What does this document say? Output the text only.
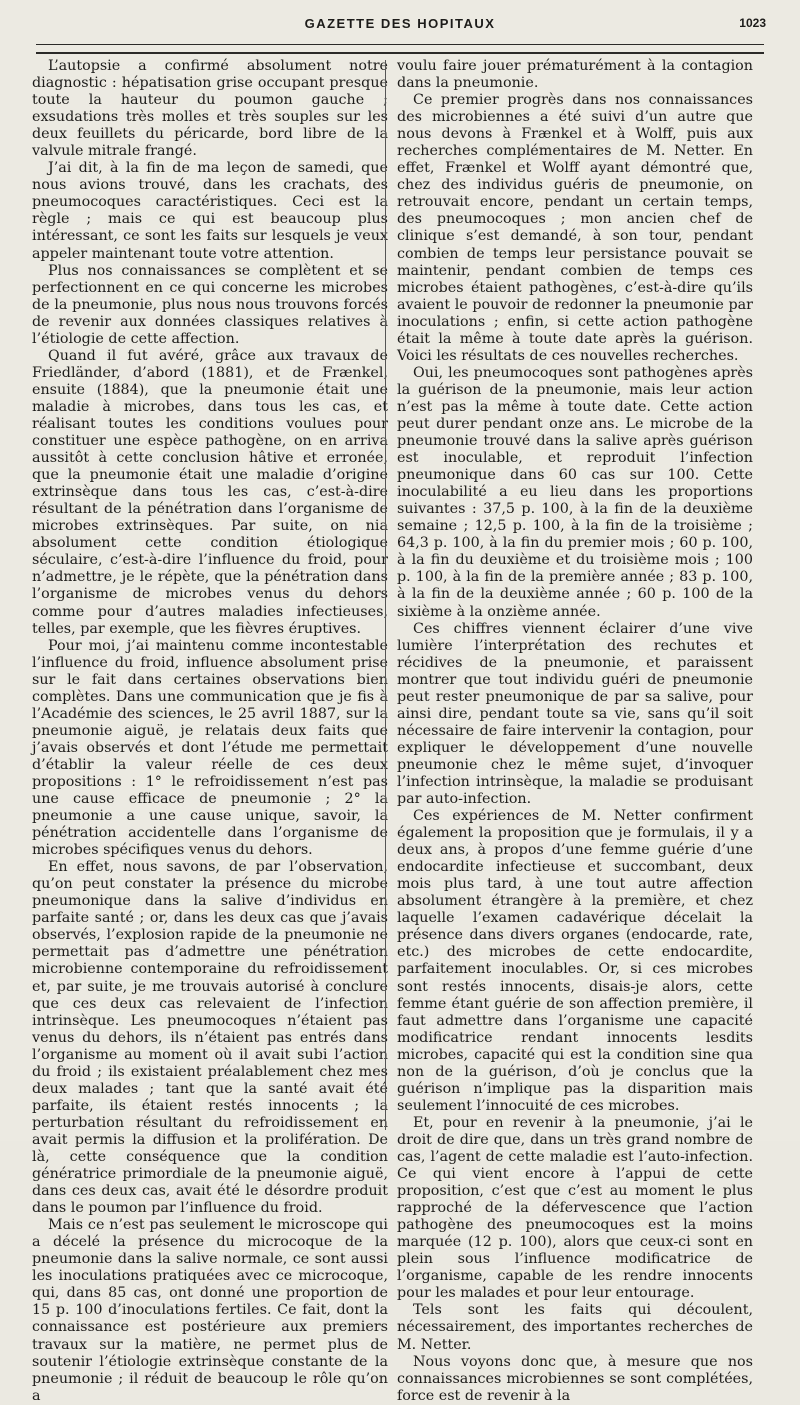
GAZETTE DES HOPITAUX	1023

L’autopsie a confirmé absolument notre diagnostic : hépatisation grise occupant presque toute la hauteur du poumon gauche ; exsudations très molles et très souples sur les deux feuillets du péricarde, bord libre de la valvule mitrale frangé.

J’ai dit, à la fin de ma leçon de samedi, que nous avions trouvé, dans les crachats, des pneumocoques caractéristiques. Ceci est la règle ; mais ce qui est beaucoup plus intéressant, ce sont les faits sur lesquels je veux appeler maintenant toute votre attention.

Plus nos connaissances se complètent et se perfectionnent en ce qui concerne les microbes de la pneumonie, plus nous nous trouvons forcés de revenir aux données classiques relatives à l’étiologie de cette affection.

Quand il fut avéré, grâce aux travaux de Friedländer, d’abord (1881), et de Frænkel, ensuite (1884), que la pneumonie était une maladie à microbes, dans tous les cas, et réalisant toutes les conditions voulues pour constituer une espèce pathogène, on en arriva aussitôt à cette conclusion hâtive et erronée, que la pneumonie était une maladie d’origine extrinsèque dans tous les cas, c’est-à-dire résultant de la pénétration dans l’organisme de microbes extrinsèques. Par suite, on nia absolument cette condition étiologique séculaire, c’est-à-dire l’influence du froid, pour n’admettre, je le répète, que la pénétration dans l’organisme de microbes venus du dehors comme pour d’autres maladies infectieuses, telles, par exemple, que les fièvres éruptives.

Pour moi, j’ai maintenu comme incontestable l’influence du froid, influence absolument prise sur le fait dans certaines observations bien complètes. Dans une communication que je fis à l’Académie des sciences, le 25 avril 1887, sur la pneumonie aiguë, je relatais deux faits que j’avais observés et dont l’étude me permettait d’établir la valeur réelle de ces deux propositions : 1° le refroidissement n’est pas une cause efficace de pneumonie ; 2° la pneumonie a une cause unique, savoir, la pénétration accidentelle dans l’organisme de microbes spécifiques venus du dehors.

En effet, nous savons, de par l’observation, qu’on peut constater la présence du microbe pneumonique dans la salive d’individus en parfaite santé ; or, dans les deux cas que j’avais observés, l’explosion rapide de la pneumonie ne permettait pas d’admettre une pénétration microbienne contemporaine du refroidissement et, par suite, je me trouvais autorisé à conclure que ces deux cas relevaient de l’infection intrinsèque. Les pneumocoques n’étaient pas venus du dehors, ils n’étaient pas entrés dans l’organisme au moment où il avait subi l’action du froid ; ils existaient préalablement chez mes deux malades ; tant que la santé avait été parfaite, ils étaient restés innocents ; la perturbation résultant du refroidissement en avait permis la diffusion et la prolifération. De là, cette conséquence que la condition génératrice primordiale de la pneumonie aiguë, dans ces deux cas, avait été le désordre produit dans le poumon par l’influence du froid.

Mais ce n’est pas seulement le microscope qui a décelé la présence du microcoque de la pneumonie dans la salive normale, ce sont aussi les inoculations pratiquées avec ce microcoque, qui, dans 85 cas, ont donné une proportion de 15 p. 100 d’inoculations fertiles. Ce fait, dont la connaissance est postérieure aux premiers travaux sur la matière, ne permet plus de soutenir l’étiologie extrinsèque constante de la pneumonie ; il réduit de beaucoup le rôle qu’on a

voulu faire jouer prématurément à la contagion dans la pneumonie.

Ce premier progrès dans nos connaissances des microbiennes a été suivi d’un autre que nous devons à Frænkel et à Wolff, puis aux recherches complémentaires de M. Netter. En effet, Frænkel et Wolff ayant démontré que, chez des individus guéris de pneumonie, on retrouvait encore, pendant un certain temps, des pneumocoques ; mon ancien chef de clinique s’est demandé, à son tour, pendant combien de temps leur persistance pouvait se maintenir, pendant combien de temps ces microbes étaient pathogènes, c’est-à-dire qu’ils avaient le pouvoir de redonner la pneumonie par inoculations ; enfin, si cette action pathogène était la même à toute date après la guérison. Voici les résultats de ces nouvelles recherches.

Oui, les pneumocoques sont pathogènes après la guérison de la pneumonie, mais leur action n’est pas la même à toute date. Cette action peut durer pendant onze ans. Le microbe de la pneumonie trouvé dans la salive après guérison est inoculable, et reproduit l’infection pneumonique dans 60 cas sur 100. Cette inoculabilité a eu lieu dans les proportions suivantes : 37,5 p. 100, à la fin de la deuxième semaine ; 12,5 p. 100, à la fin de la troisième ; 64,3 p. 100, à la fin du premier mois ; 60 p. 100, à la fin du deuxième et du troisième mois ; 100 p. 100, à la fin de la première année ; 83 p. 100, à la fin de la deuxième année ; 60 p. 100 de la sixième à la onzième année.

Ces chiffres viennent éclairer d’une vive lumière l’interprétation des rechutes et récidives de la pneumonie, et paraissent montrer que tout individu guéri de pneumonie peut rester pneumonique de par sa salive, pour ainsi dire, pendant toute sa vie, sans qu’il soit nécessaire de faire intervenir la contagion, pour expliquer le développement d’une nouvelle pneumonie chez le même sujet, d’invoquer l’infection intrinsèque, la maladie se produisant par auto-infection.

Ces expériences de M. Netter confirment également la proposition que je formulais, il y a deux ans, à propos d’une femme guérie d’une endocardite infectieuse et succombant, deux mois plus tard, à une tout autre affection absolument étrangère à la première, et chez laquelle l’examen cadavérique décelait la présence dans divers organes (endocarde, rate, etc.) des microbes de cette endocardite, parfaitement inoculables. Or, si ces microbes sont restés innocents, disais-je alors, cette femme étant guérie de son affection première, il faut admettre dans l’organisme une capacité modificatrice rendant innocents lesdits microbes, capacité qui est la condition sine qua non de la guérison, d’où je conclus que la guérison n’implique pas la disparition mais seulement l’innocuité de ces microbes.

Et, pour en revenir à la pneumonie, j’ai le droit de dire que, dans un très grand nombre de cas, l’agent de cette maladie est l’auto-infection. Ce qui vient encore à l’appui de cette proposition, c’est que c’est au moment le plus rapproché de la défervescence que l’action pathogène des pneumocoques est la moins marquée (12 p. 100), alors que ceux-ci sont en plein sous l’influence modificatrice de l’organisme, capable de les rendre innocents pour les malades et pour leur entourage.

Tels sont les faits qui découlent, nécessairement, des importantes recherches de M. Netter.

Nous voyons donc que, à mesure que nos connaissances microbiennes se sont complétées, force est de revenir à la
